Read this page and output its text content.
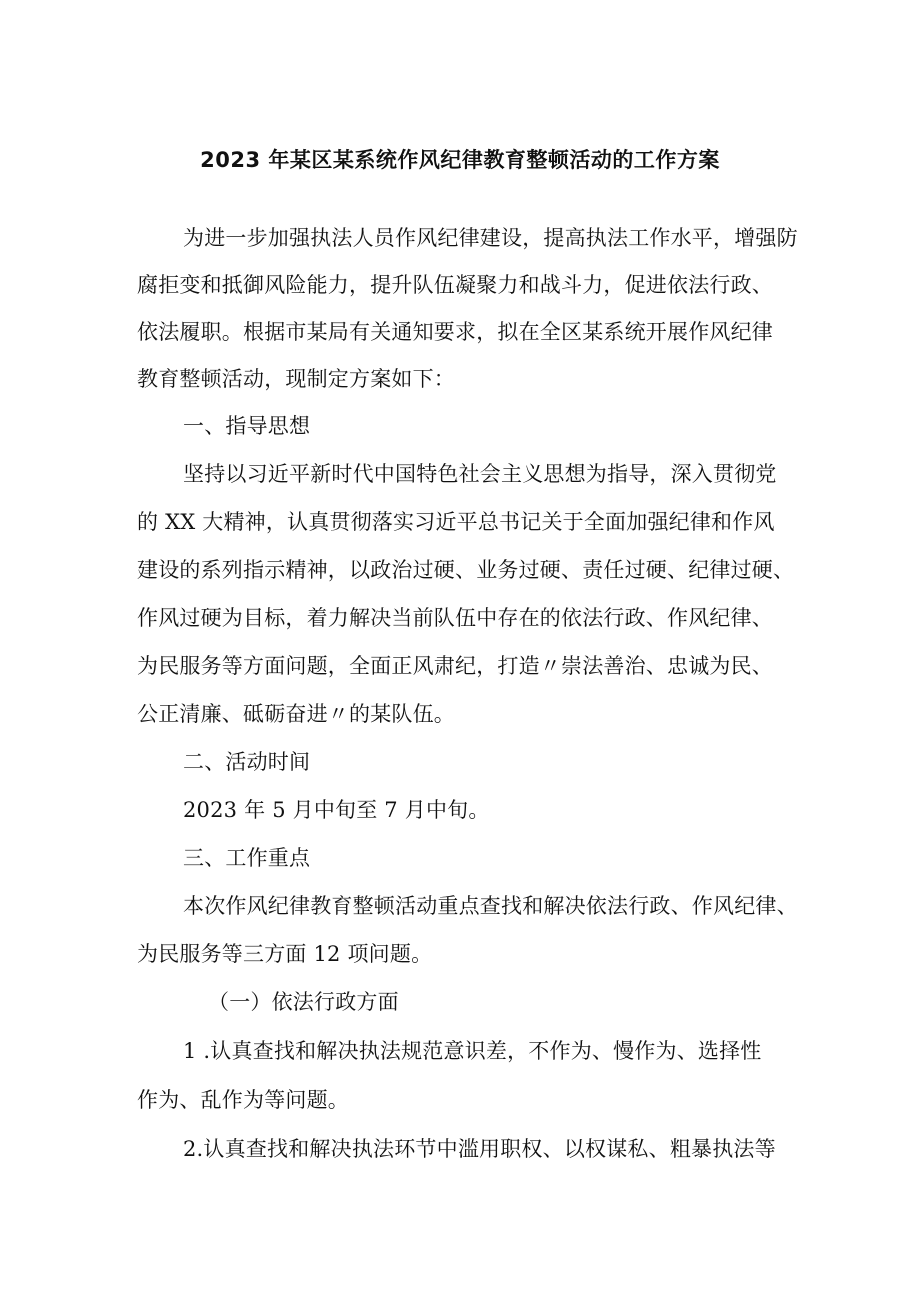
2023 年某区某系统作风纪律教育整顿活动的工作方案
为进一步加强执法人员作风纪律建设，提高执法工作水平，增强防
腐拒变和抵御风险能力，提升队伍凝聚力和战斗力，促进依法行政、
依法履职。根据市某局有关通知要求，拟在全区某系统开展作风纪律
教育整顿活动，现制定方案如下：
一、指导思想
坚持以习近平新时代中国特色社会主义思想为指导，深入贯彻党
的 XX 大精神，认真贯彻落实习近平总书记关于全面加强纪律和作风
建设的系列指示精神，以政治过硬、业务过硬、责任过硬、纪律过硬、
作风过硬为目标，着力解决当前队伍中存在的依法行政、作风纪律、
为民服务等方面问题，全面正风肃纪，打造〃崇法善治、忠诚为民、
公正清廉、砥砺奋进〃的某队伍。
二、活动时间
2023 年 5 月中旬至 7 月中旬。
三、工作重点
本次作风纪律教育整顿活动重点查找和解决依法行政、作风纪律、
为民服务等三方面 12 项问题。
（一）依法行政方面
1 .认真查找和解决执法规范意识差，不作为、慢作为、选择性
作为、乱作为等问题。
2.认真查找和解决执法环节中滥用职权、以权谋私、粗暴执法等
